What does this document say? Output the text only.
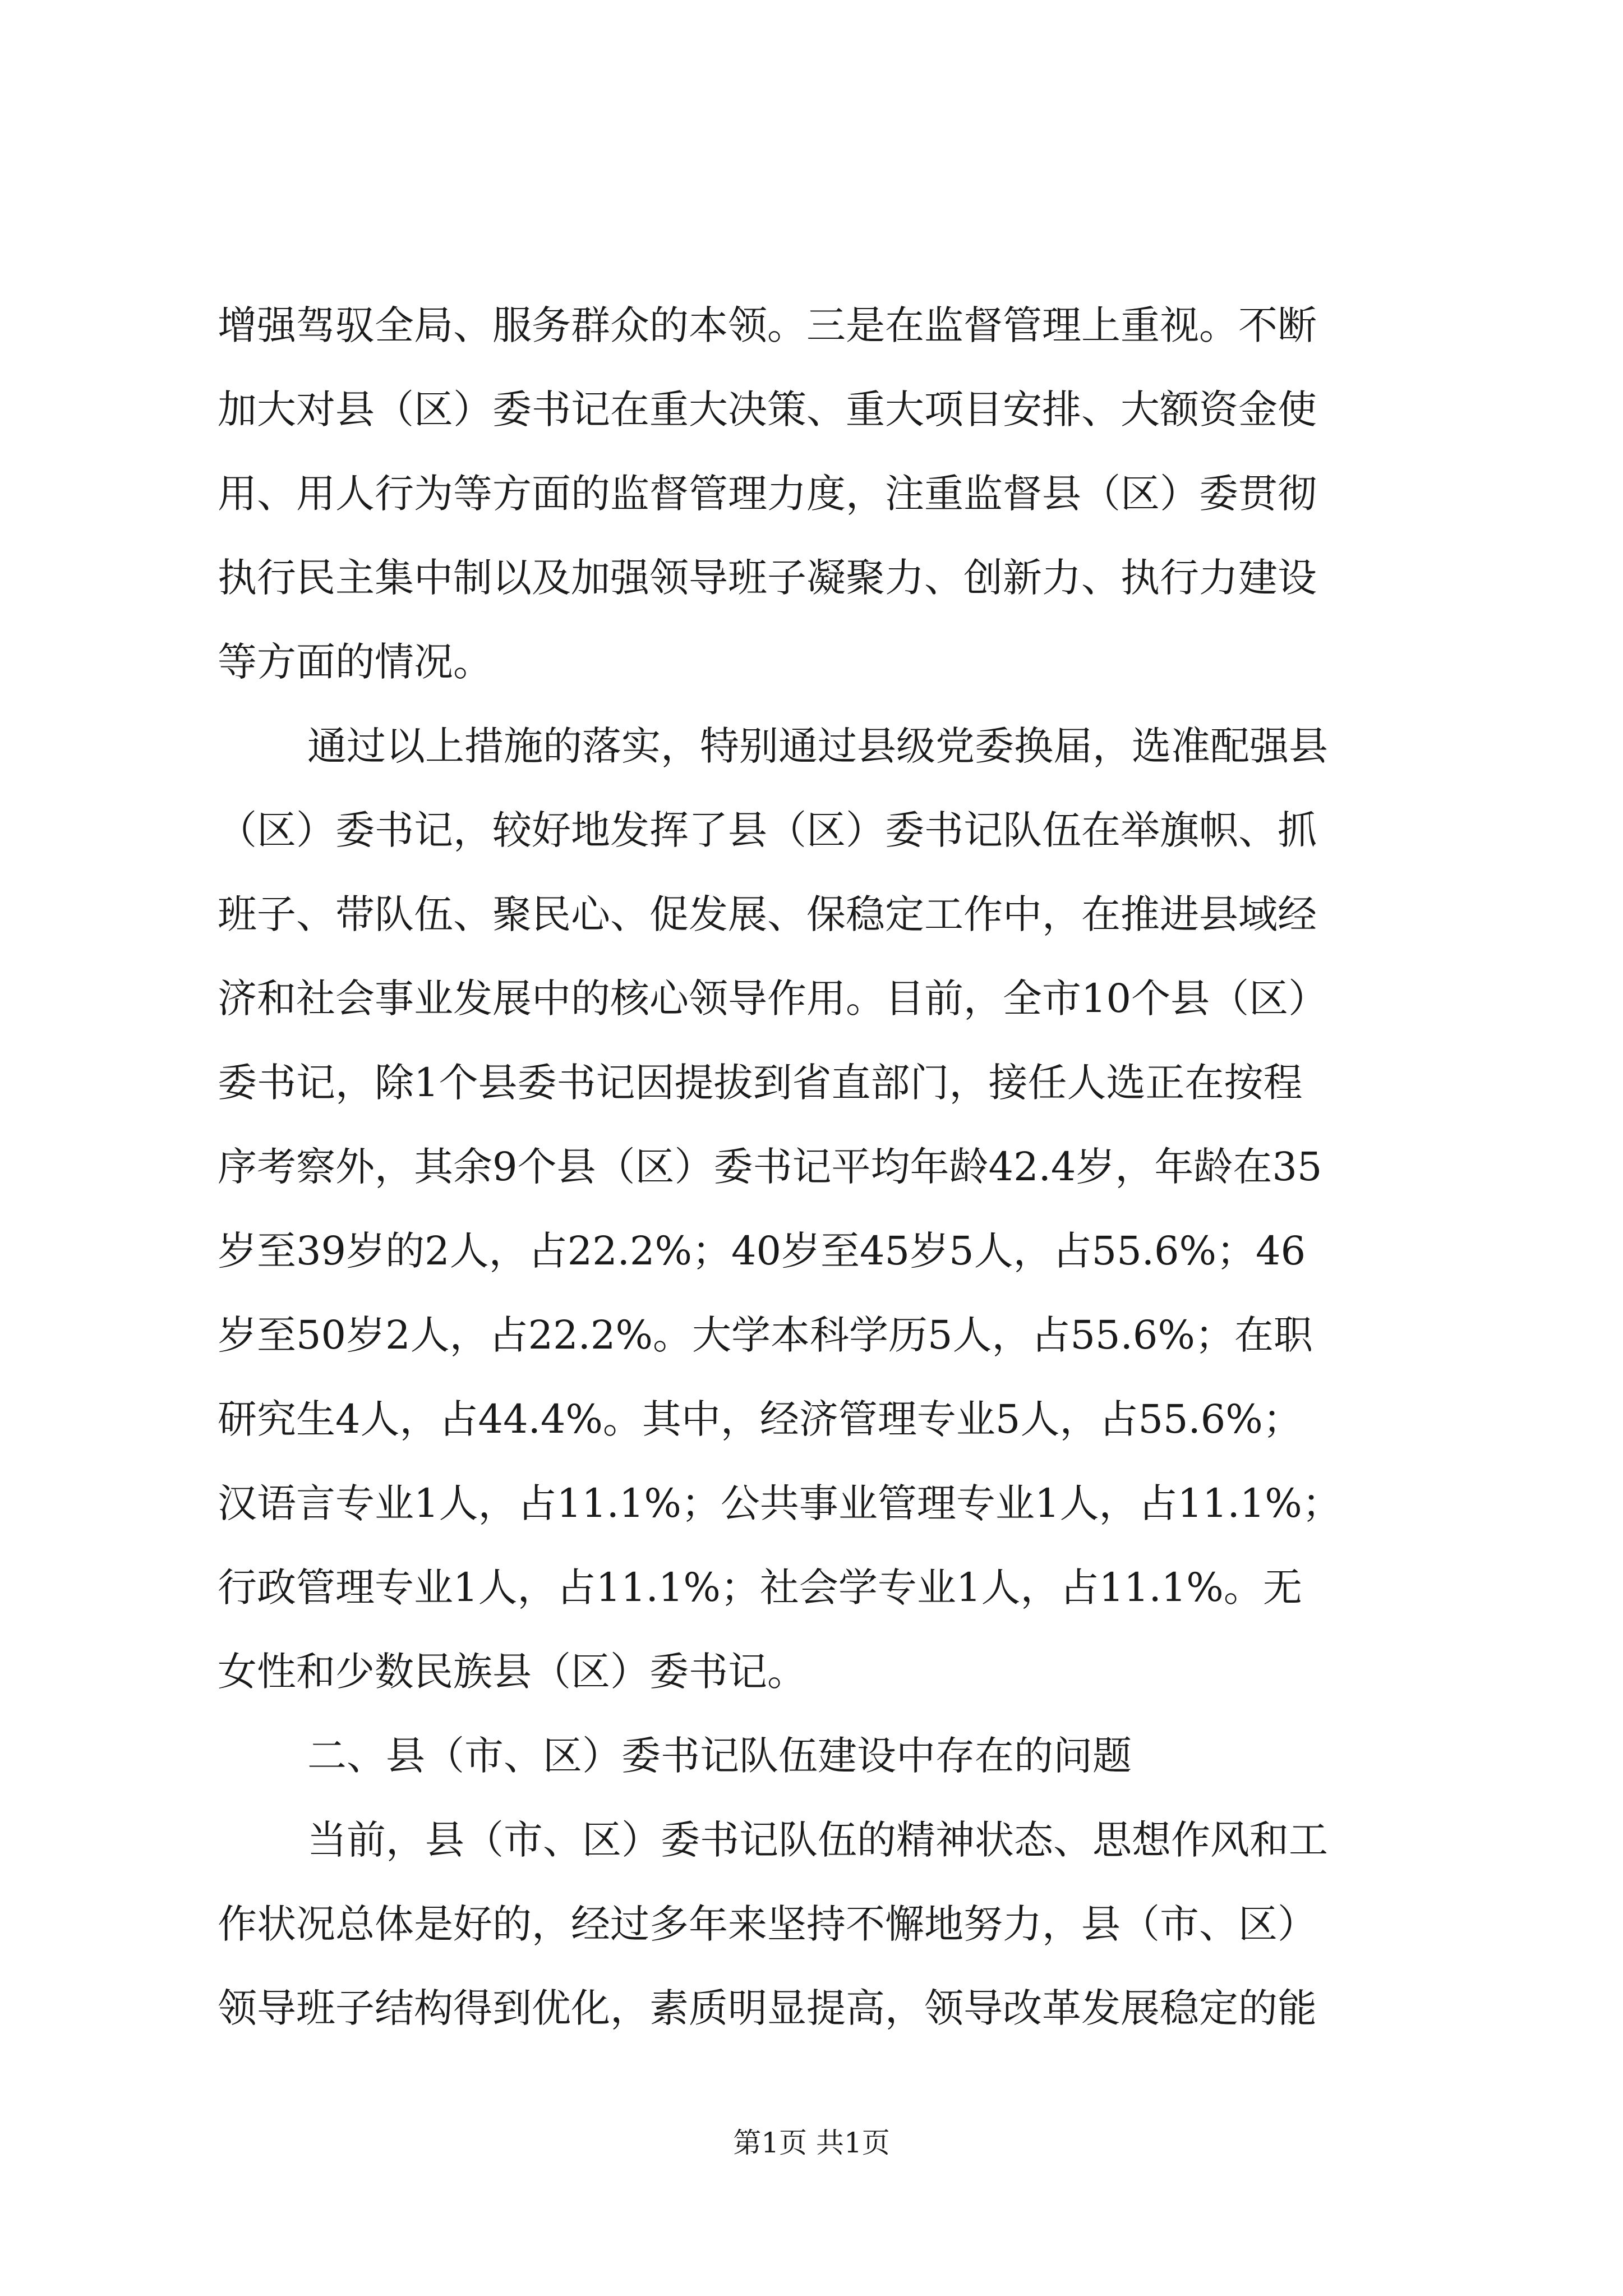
增强驾驭全局、服务群众的本领。三是在监督管理上重视。不断
加大对县（区）委书记在重大决策、重大项目安排、大额资金使
用、用人行为等方面的监督管理力度，注重监督县（区）委贯彻
执行民主集中制以及加强领导班子凝聚力、创新力、执行力建设
等方面的情况。
通过以上措施的落实，特别通过县级党委换届，选准配强县
（区）委书记，较好地发挥了县（区）委书记队伍在举旗帜、抓
班子、带队伍、聚民心、促发展、保稳定工作中，在推进县域经
济和社会事业发展中的核心领导作用。目前，全市10个县（区）
委书记，除1个县委书记因提拔到省直部门，接任人选正在按程
序考察外，其余9个县（区）委书记平均年龄42.4岁，年龄在35
岁至39岁的2人，占22.2%；40岁至45岁5人，占55.6%；46
岁至50岁2人，占22.2%。大学本科学历5人，占55.6%；在职
研究生4人，占44.4%。其中，经济管理专业5人，占55.6%；
汉语言专业1人，占11.1%；公共事业管理专业1人，占11.1%；
行政管理专业1人，占11.1%；社会学专业1人，占11.1%。无
女性和少数民族县（区）委书记。
二、县（市、区）委书记队伍建设中存在的问题
当前，县（市、区）委书记队伍的精神状态、思想作风和工
作状况总体是好的，经过多年来坚持不懈地努力，县（市、区）
领导班子结构得到优化，素质明显提高，领导改革发展稳定的能
第1页 共1页
